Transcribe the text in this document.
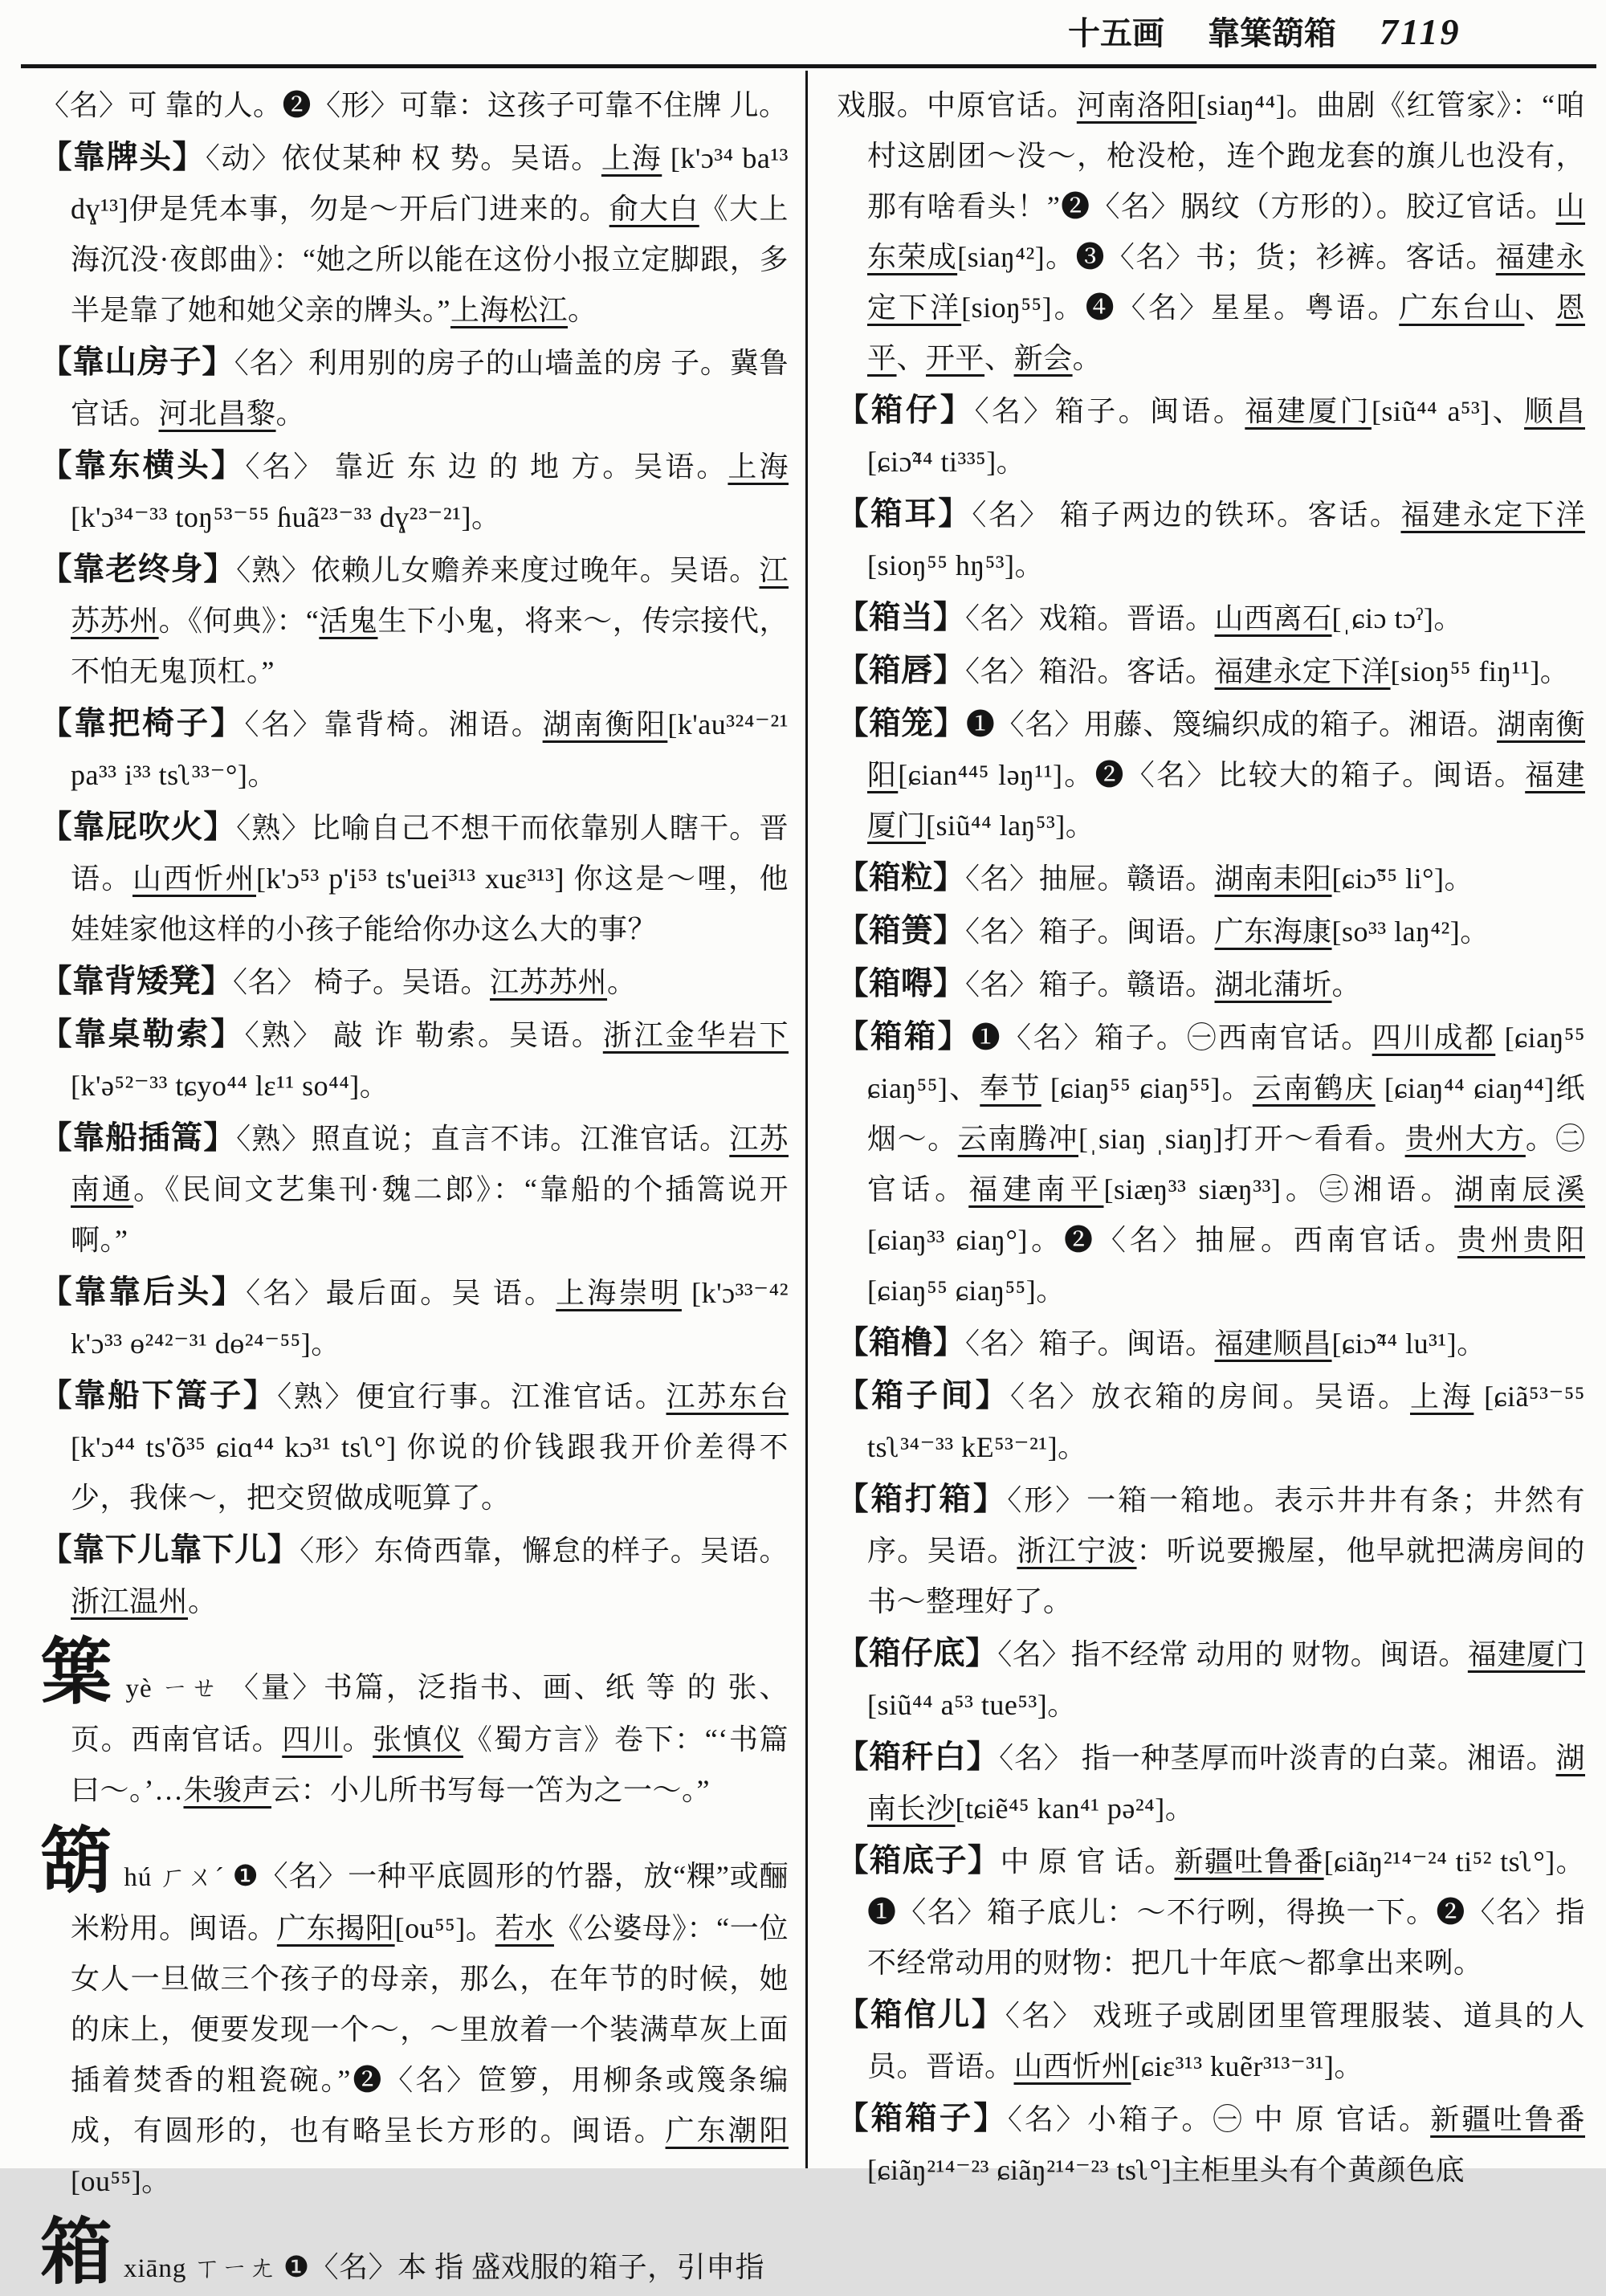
十五画 靠䈎箶箱 7119
〈名〉可 靠的人。❷〈形〉可靠：这孩子可靠不住牌 儿。
【靠牌头】〈动〉依仗某种 权 势。吴语。上海 [k'ɔ³⁴ ba¹³ dɣ¹³]伊是凭本事，勿是～开后门进来的。俞大白《大上海沉没·夜郎曲》：“她之所以能在这份小报立定脚跟，多半是靠了她和她父亲的牌头。”上海松江。
【靠山房子】〈名〉利用别的房子的山墙盖的房 子。冀鲁官话。河北昌黎。
【靠东横头】〈名〉 靠近 东 边 的 地 方。吴语。上海 [k'ɔ³⁴⁻³³ toŋ⁵³⁻⁵⁵ ɦuã²³⁻³³ dɣ²³⁻²¹]。
【靠老终身】〈熟〉依赖儿女赡养来度过晚年。吴语。江苏苏州。《何典》：“活鬼生下小鬼，将来～，传宗接代，不怕无鬼顶杠。”
【靠把椅子】〈名〉靠背椅。湘语。湖南衡阳[k'au³²⁴⁻²¹ pa³³ i³³ tsʅ³³⁻°]。
【靠屁吹火】〈熟〉比喻自己不想干而依靠别人瞎干。晋语。山西忻州[k'ɔ⁵³ p'i⁵³ ts'uei³¹³ xuɛ³¹³] 你这是～哩，他娃娃家他这样的小孩子能给你办这么大的事？
【靠背矮凳】〈名〉 椅子。吴语。江苏苏州。
【靠桌勒索】〈熟〉 敲 诈 勒索。吴语。浙江金华岩下[k'ə⁵²⁻³³ tɕyo⁴⁴ lɛ¹¹ so⁴⁴]。
【靠船插篙】〈熟〉照直说；直言不讳。江淮官话。江苏南通。《民间文艺集刊·魏二郎》：“靠船的个插篙说开啊。”
【靠靠后头】〈名〉最后面。吴 语。上海崇明 [k'ɔ³³⁻⁴² k'ɔ³³ ɵ²⁴²⁻³¹ dɵ²⁴⁻⁵⁵]。
【靠船下篙子】〈熟〉便宜行事。江淮官话。江苏东台[k'ɔ⁴⁴ ts'õ³⁵ ɕiɑ⁴⁴ kɔ³¹ tsʅ°] 你说的价钱跟我开价差得不少，我俫～，把交贸做成呃算了。
【靠下儿靠下儿】〈形〉东倚西靠，懈怠的样子。吴语。浙江温州。
䈎yè ㄧㄝ 〈量〉书篇，泛指书、画、纸 等 的 张、页。西南官话。四川。张慎仪《蜀方言》卷下：“‘书篇曰～。’…朱骏声云：小儿所书写每一笘为之一～。”
箶hú ㄏㄨˊ ❶〈名〉一种平底圆形的竹器，放“粿”或酾米粉用。闽语。广东揭阳[ou⁵⁵]。若水《公婆母》：“一位女人一旦做三个孩子的母亲，那么，在年节的时候，她的床上，便要发现一个～，～里放着一个装满草灰上面插着焚香的粗瓷碗。”❷〈名〉笸箩，用柳条或篾条编成，有圆形的，也有略呈长方形的。闽语。广东潮阳[ou⁵⁵]。
箱xiāng ㄒㄧㄤ ❶〈名〉本 指 盛戏服的箱子，引申指
戏服。中原官话。河南洛阳[siaŋ⁴⁴]。曲剧《红管家》：“咱村这剧团～没～，枪没枪，连个跑龙套的旗儿也没有，那有啥看头！”❷〈名〉脶纹（方形的）。胶辽官话。山东荣成[siaŋ⁴²]。❸〈名〉书；货；衫裤。客话。福建永定下洋[sioŋ⁵⁵]。❹〈名〉星星。粤语。广东台山、恩平、开平、新会。
【箱仔】〈名〉箱子。闽语。福建厦门[siũ⁴⁴ a⁵³]、顺昌[ɕiɔ̃⁴⁴ ti³³⁵]。
【箱耳】〈名〉 箱子两边的铁环。客话。福建永定下洋[sioŋ⁵⁵ hŋ⁵³]。
【箱当】〈名〉戏箱。晋语。山西离石[ˌɕiɔ tɔˀ]。
【箱唇】〈名〉箱沿。客话。福建永定下洋[sioŋ⁵⁵ fiŋ¹¹]。
【箱笼】❶〈名〉用藤、篾编织成的箱子。湘语。湖南衡阳[ɕian⁴⁴⁵ ləŋ¹¹]。❷〈名〉比较大的箱子。闽语。福建厦门[siũ⁴⁴ laŋ⁵³]。
【箱粒】〈名〉抽屉。赣语。湖南耒阳[ɕiɔ̃⁵⁵ li°]。
【箱箦】〈名〉箱子。闽语。广东海康[so³³ laŋ⁴²]。
【箱嘚】〈名〉箱子。赣语。湖北蒲圻。
【箱箱】❶〈名〉箱子。㊀西南官话。四川成都 [ɕiaŋ⁵⁵ ɕiaŋ⁵⁵]、奉节 [ɕiaŋ⁵⁵ ɕiaŋ⁵⁵]。云南鹤庆 [ɕiaŋ⁴⁴ ɕiaŋ⁴⁴]纸烟～。云南腾冲[ˌsiaŋ ˌsiaŋ]打开～看看。贵州大方。㊁官话。福建南平[siæŋ³³ siæŋ³³]。㊂湘语。湖南辰溪[ɕiaŋ³³ ɕiaŋ°]。❷〈名〉抽屉。西南官话。贵州贵阳[ɕiaŋ⁵⁵ ɕiaŋ⁵⁵]。
【箱橹】〈名〉箱子。闽语。福建顺昌[ɕiɔ̃⁴⁴ lu³¹]。
【箱子间】〈名〉放衣箱的房间。吴语。上海 [ɕiã⁵³⁻⁵⁵ tsʅ³⁴⁻³³ kE⁵³⁻²¹]。
【箱打箱】〈形〉一箱一箱地。表示井井有条；井然有序。吴语。浙江宁波：听说要搬屋，他早就把满房间的书～整理好了。
【箱仔底】〈名〉指不经常 动用的 财物。闽语。福建厦门[siũ⁴⁴ a⁵³ tue⁵³]。
【箱秆白】〈名〉 指一种茎厚而叶淡青的白菜。湘语。湖南长沙[tɕiẽ⁴⁵ kan⁴¹ pə²⁴]。
【箱底子】中 原 官 话。新疆吐鲁番[ɕiãŋ²¹⁴⁻²⁴ ti⁵² tsʅ°]。❶〈名〉箱子底儿：～不行咧，得换一下。❷〈名〉指不经常动用的财物：把几十年底～都拿出来咧。
【箱倌儿】〈名〉 戏班子或剧团里管理服装、道具的人员。晋语。山西忻州[ɕiɛ³¹³ kuẽr³¹³⁻³¹]。
【箱箱子】〈名〉小箱子。㊀ 中 原 官话。新疆吐鲁番[ɕiãŋ²¹⁴⁻²³ ɕiãŋ²¹⁴⁻²³ tsʅ°]主柜里头有个黄颜色底
